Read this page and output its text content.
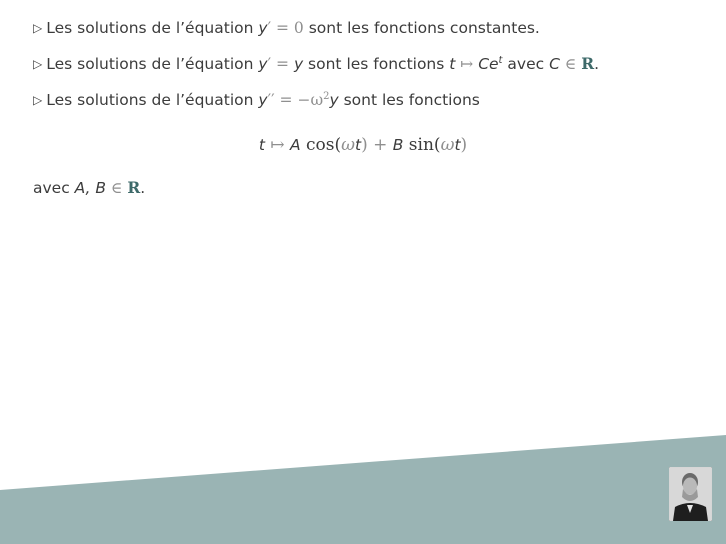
▷ Les solutions de l’équation y′ = 0 sont les fonctions constantes.
▷ Les solutions de l’équation y′ = y sont les fonctions t ↦ Ce$^t$ avec C ∈ R.
▷ Les solutions de l’équation $y'' = -\omega^2y$ sont les fonctions
t ↦ A cos(ωt) + B sin(ωt)
avec A, B ∈ R.
